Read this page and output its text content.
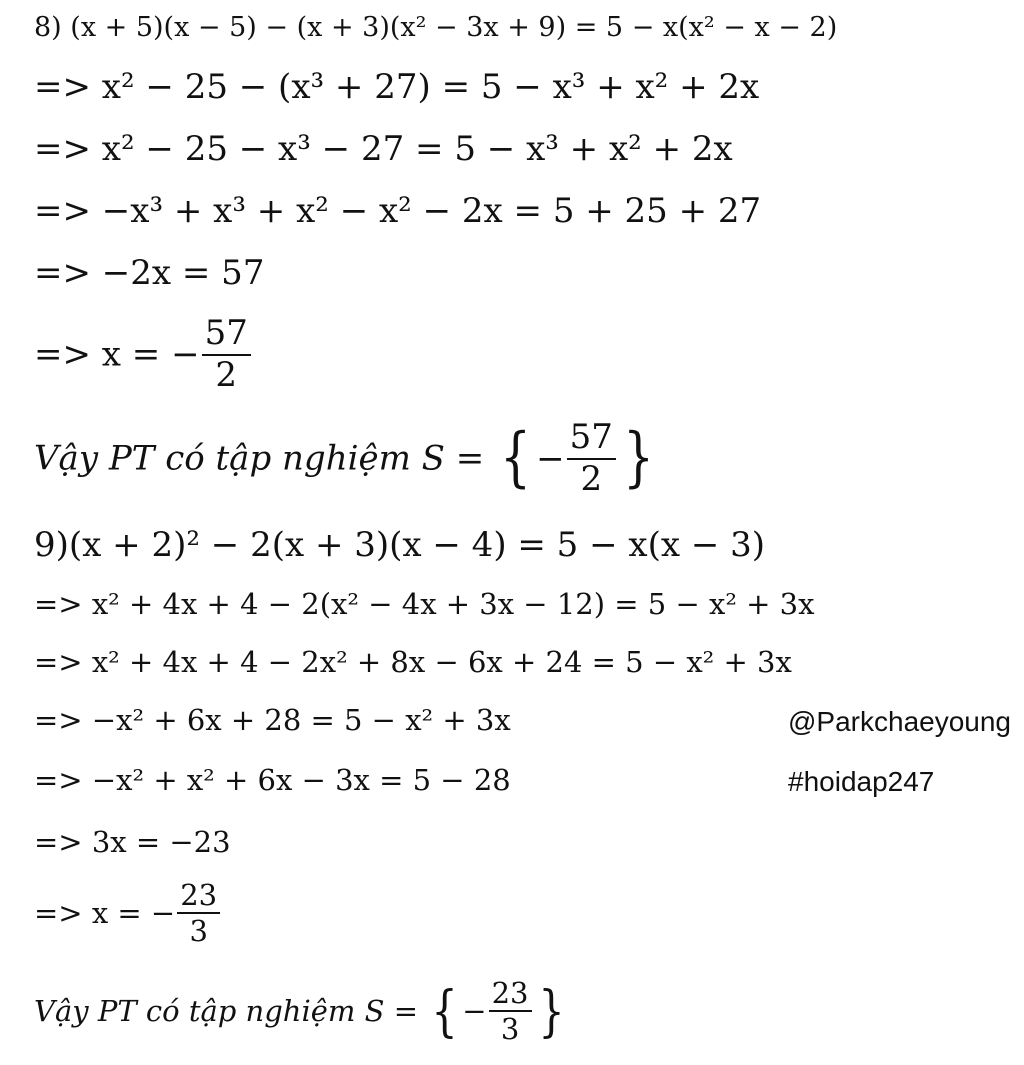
8) (x + 5)(x − 5) − (x + 3)(x² − 3x + 9) = 5 − x(x² − x − 2)
=> x² − 25 − (x³ + 27) = 5 − x³ + x² + 2x
=> x² − 25 − x³ − 27 = 5 − x³ + x² + 2x
=> −x³ + x³ + x² − x² − 2x = 5 + 25 + 27
=> −2x = 57
=> x = − $\frac{57}{2}$
Vậy PT có tập nghiệm S = { − $\frac{57}{2}$ }
9)(x + 2)² − 2(x + 3)(x − 4) = 5 − x(x − 3)
=> x² + 4x + 4 − 2(x² − 4x + 3x − 12) = 5 − x² + 3x
=> x² + 4x + 4 − 2x² + 8x − 6x + 24 = 5 − x² + 3x
=> −x² + 6x + 28 = 5 − x² + 3x
=> −x² + x² + 6x − 3x = 5 − 28
=> 3x = −23
=> x = − $\frac{23}{3}$
Vậy PT có tập nghiệm S = { − $\frac{23}{3}$ }
@Parkchaeyoung
#hoidap247
